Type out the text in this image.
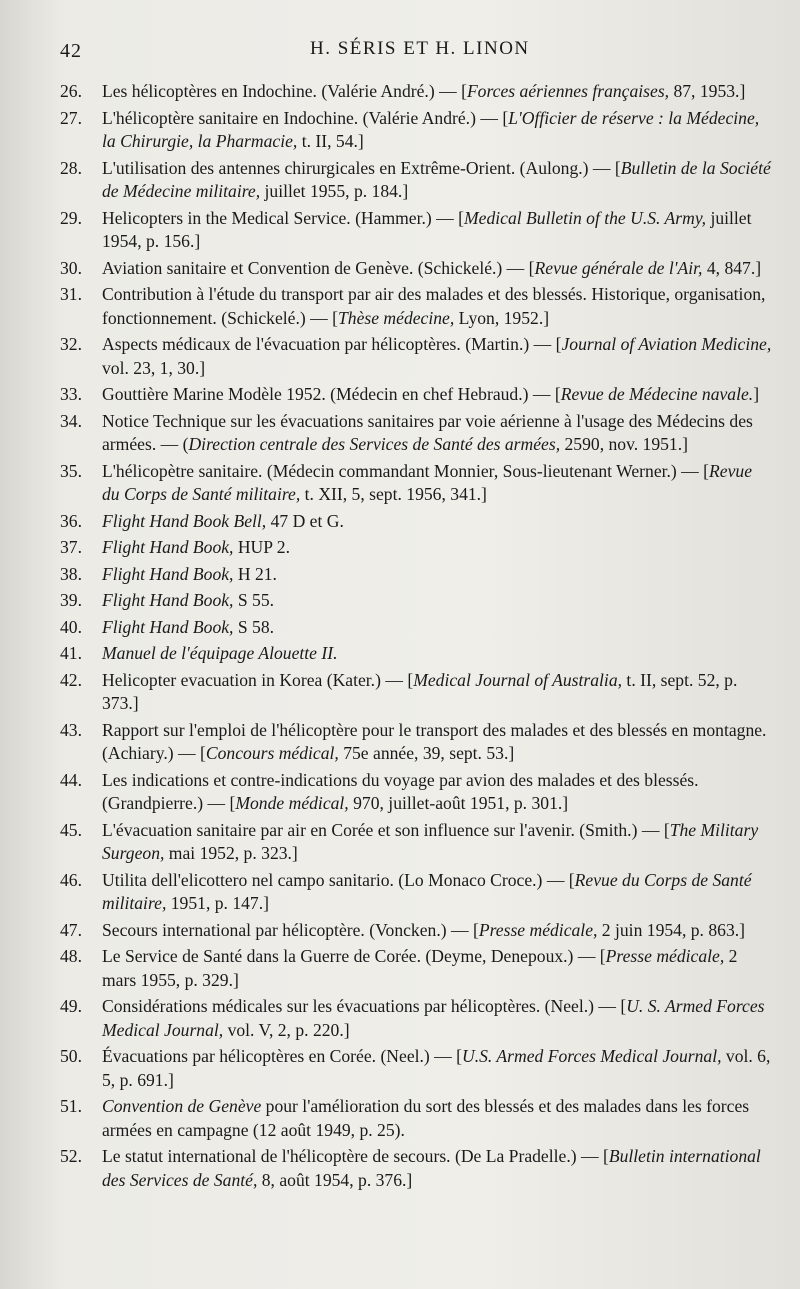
42	H. SÉRIS ET H. LINON
26.	Les hélicoptères en Indochine. (Valérie André.) — [Forces aériennes françaises, 87, 1953.]
27.	L'hélicoptère sanitaire en Indochine. (Valérie André.) — [L'Officier de réserve : la Médecine, la Chirurgie, la Pharmacie, t. II, 54.]
28.	L'utilisation des antennes chirurgicales en Extrême-Orient. (Aulong.) — [Bulletin de la Société de Médecine militaire, juillet 1955, p. 184.]
29.	Helicopters in the Medical Service. (Hammer.) — [Medical Bulletin of the U.S. Army, juillet 1954, p. 156.]
30.	Aviation sanitaire et Convention de Genève. (Schickelé.) — [Revue générale de l'Air, 4, 847.]
31.	Contribution à l'étude du transport par air des malades et des blessés. Historique, organisation, fonctionnement. (Schickelé.) — [Thèse médecine, Lyon, 1952.]
32.	Aspects médicaux de l'évacuation par hélicoptères. (Martin.) — [Journal of Aviation Medicine, vol. 23, 1, 30.]
33.	Gouttière Marine Modèle 1952. (Médecin en chef Hebraud.) — [Revue de Médecine navale.]
34.	Notice Technique sur les évacuations sanitaires par voie aérienne à l'usage des Médecins des armées. — (Direction centrale des Services de Santé des armées, 2590, nov. 1951.]
35.	L'hélicopètre sanitaire. (Médecin commandant Monnier, Sous-lieutenant Werner.) — [Revue du Corps de Santé militaire, t. XII, 5, sept. 1956, 341.]
36.	Flight Hand Book Bell, 47 D et G.
37.	Flight Hand Book, HUP 2.
38.	Flight Hand Book, H 21.
39.	Flight Hand Book, S 55.
40.	Flight Hand Book, S 58.
41.	Manuel de l'équipage Alouette II.
42.	Helicopter evacuation in Korea (Kater.) — [Medical Journal of Australia, t. II, sept. 52, p. 373.]
43.	Rapport sur l'emploi de l'hélicoptère pour le transport des malades et des blessés en montagne. (Achiary.) — [Concours médical, 75e année, 39, sept. 53.]
44.	Les indications et contre-indications du voyage par avion des malades et des blessés. (Grandpierre.) — [Monde médical, 970, juillet-août 1951, p. 301.]
45.	L'évacuation sanitaire par air en Corée et son influence sur l'avenir. (Smith.) — [The Military Surgeon, mai 1952, p. 323.]
46.	Utilita dell'elicottero nel campo sanitario. (Lo Monaco Croce.) — [Revue du Corps de Santé militaire, 1951, p. 147.]
47.	Secours international par hélicoptère. (Voncken.) — [Presse médicale, 2 juin 1954, p. 863.]
48.	Le Service de Santé dans la Guerre de Corée. (Deyme, Denepoux.) — [Presse médicale, 2 mars 1955, p. 329.]
49.	Considérations médicales sur les évacuations par hélicoptères. (Neel.) — [U. S. Armed Forces Medical Journal, vol. V, 2, p. 220.]
50.	Évacuations par hélicoptères en Corée. (Neel.) — [U.S. Armed Forces Medical Journal, vol. 6, 5, p. 691.]
51.	Convention de Genève pour l'amélioration du sort des blessés et des malades dans les forces armées en campagne (12 août 1949, p. 25).
52.	Le statut international de l'hélicoptère de secours. (De La Pradelle.) — [Bulletin international des Services de Santé, 8, août 1954, p. 376.]
